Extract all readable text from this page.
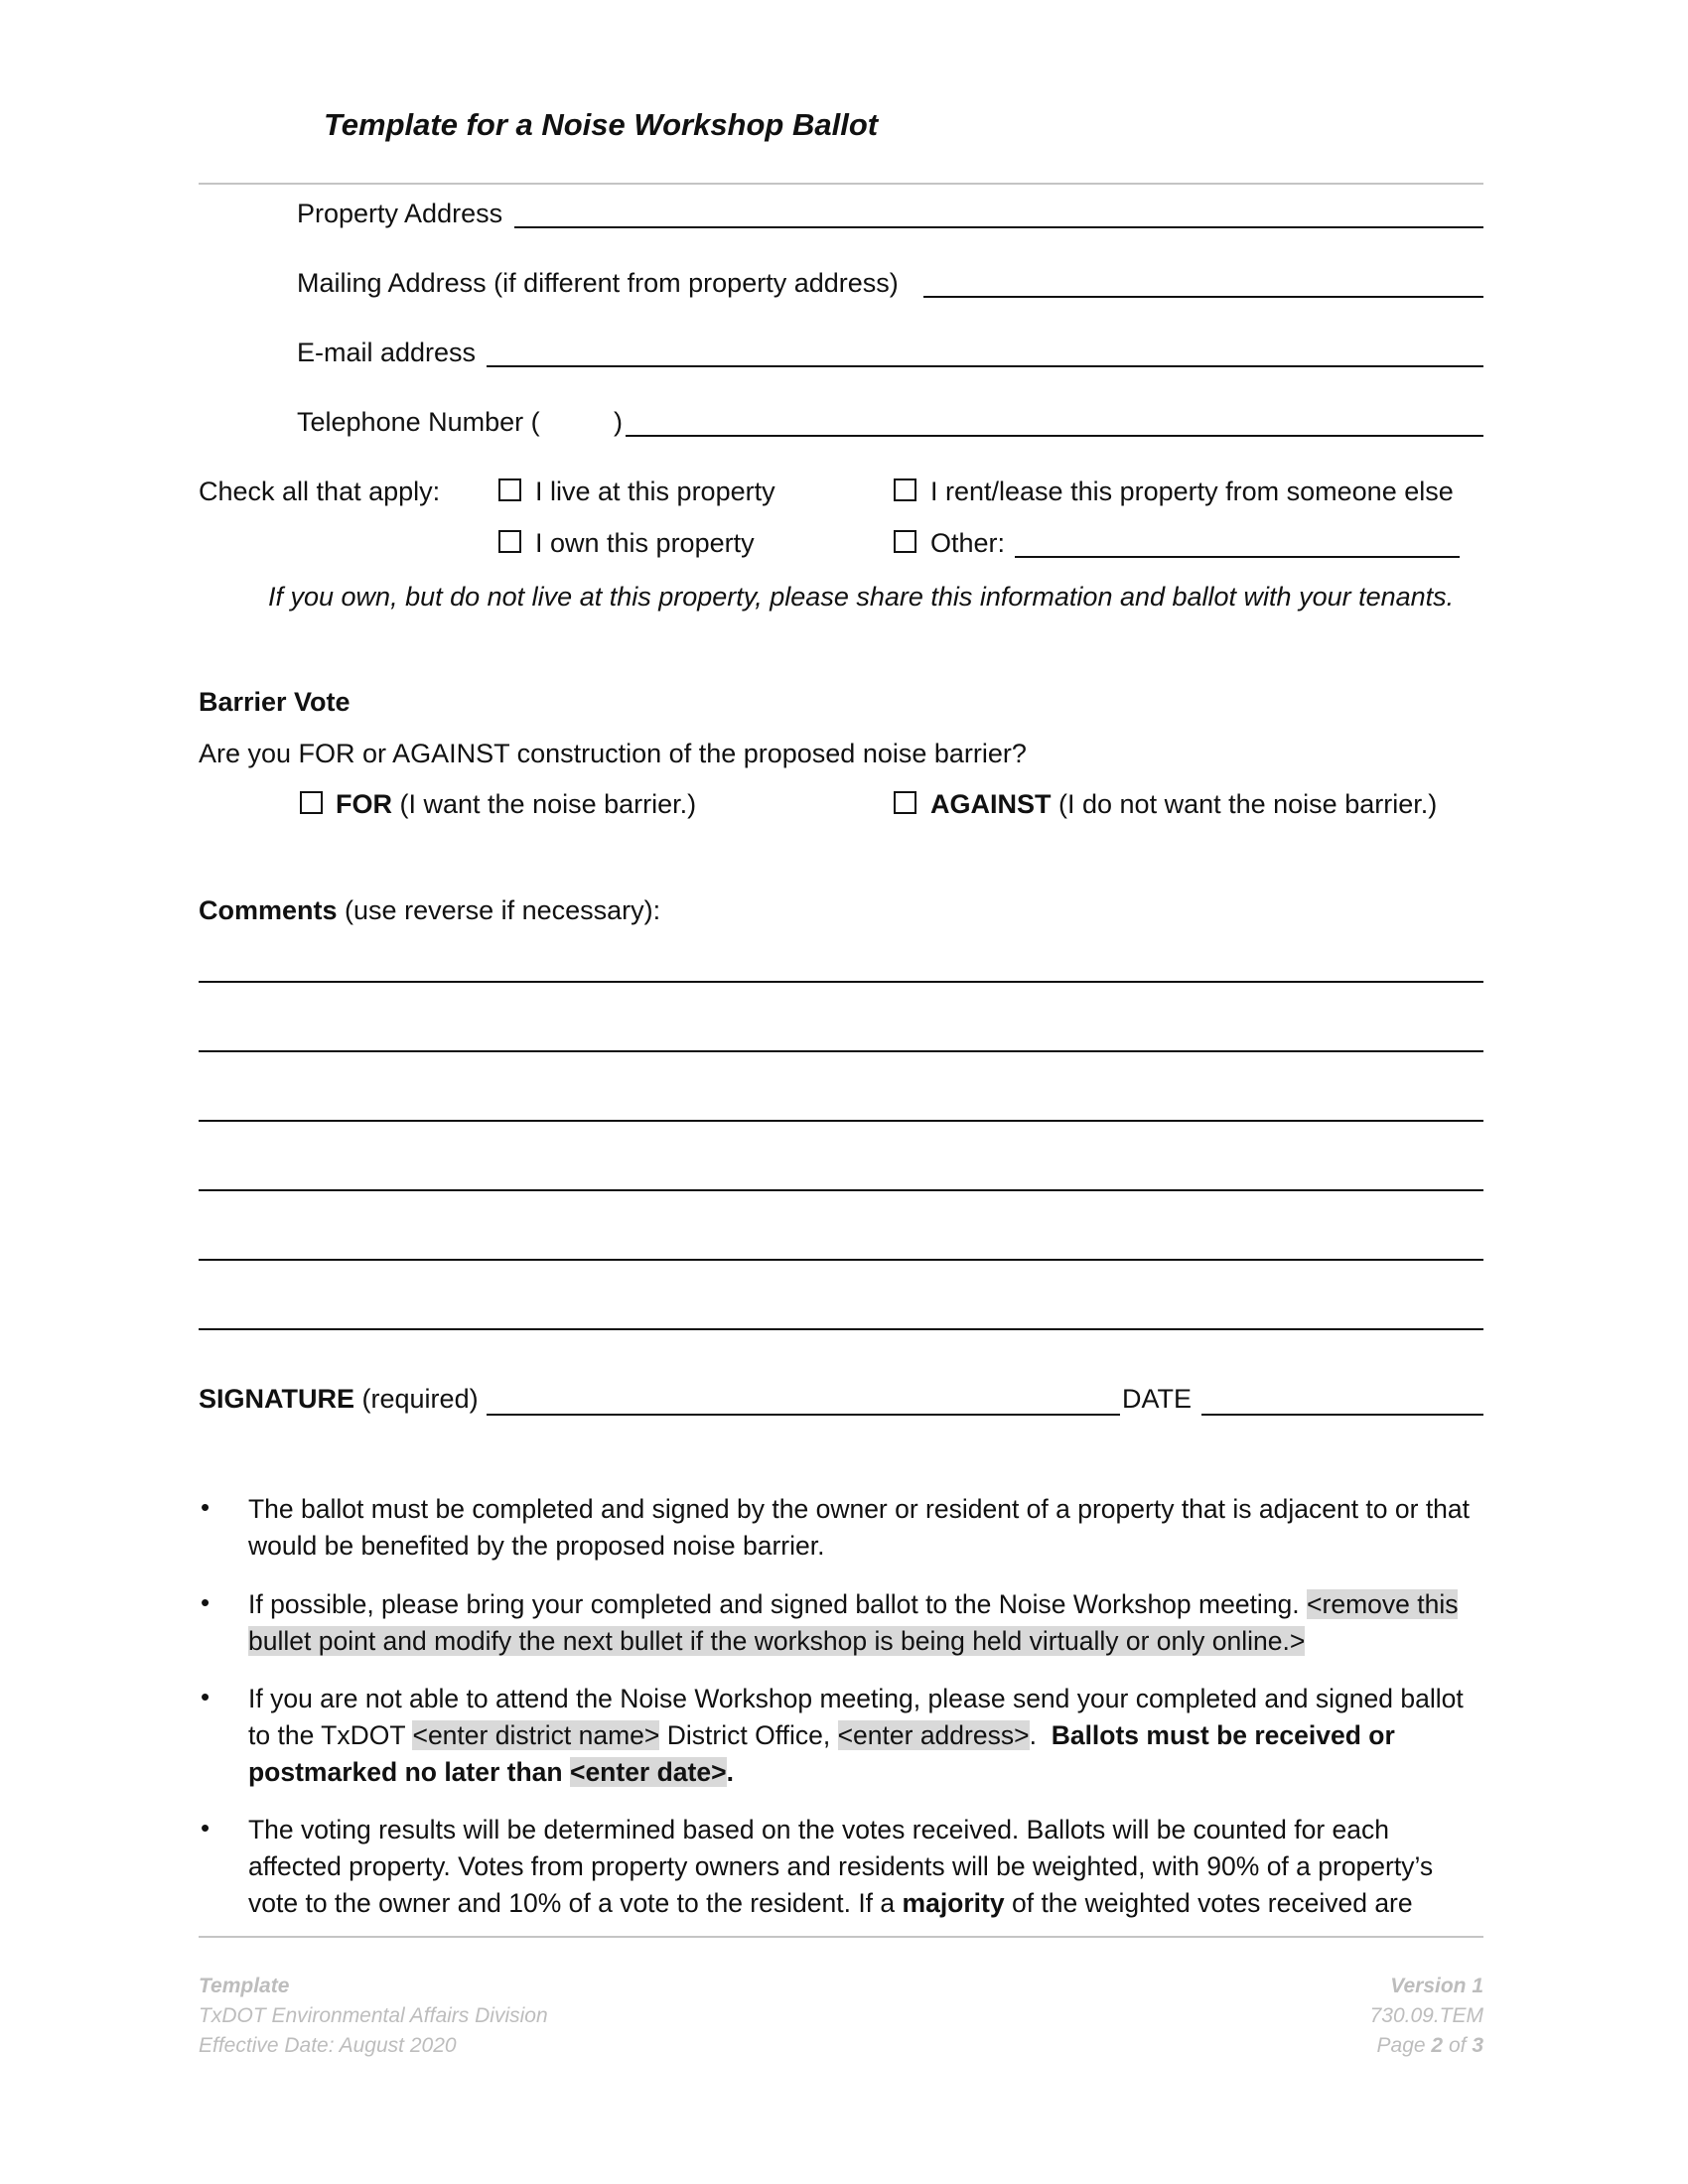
Template for a Noise Workshop Ballot
Property Address
Mailing Address (if different from property address)
E-mail address
Telephone Number (	)
Check all that apply:	I live at this property	I rent/lease this property from someone else
I own this property	Other:
If you own, but do not live at this property, please share this information and ballot with your tenants.
Barrier Vote
Are you FOR or AGAINST construction of the proposed noise barrier?
FOR (I want the noise barrier.)	AGAINST (I do not want the noise barrier.)
Comments (use reverse if necessary):
SIGNATURE (required)	DATE
• The ballot must be completed and signed by the owner or resident of a property that is adjacent to or that would be benefited by the proposed noise barrier.
• If possible, please bring your completed and signed ballot to the Noise Workshop meeting. <remove this bullet point and modify the next bullet if the workshop is being held virtually or only online.>
• If you are not able to attend the Noise Workshop meeting, please send your completed and signed ballot to the TxDOT <enter district name> District Office, <enter address>. Ballots must be received or postmarked no later than <enter date>.
• The voting results will be determined based on the votes received. Ballots will be counted for each affected property. Votes from property owners and residents will be weighted, with 90% of a property’s vote to the owner and 10% of a vote to the resident. If a majority of the weighted votes received are
Template
TxDOT Environmental Affairs Division
Effective Date: August 2020
Version 1
730.09.TEM
Page 2 of 3
